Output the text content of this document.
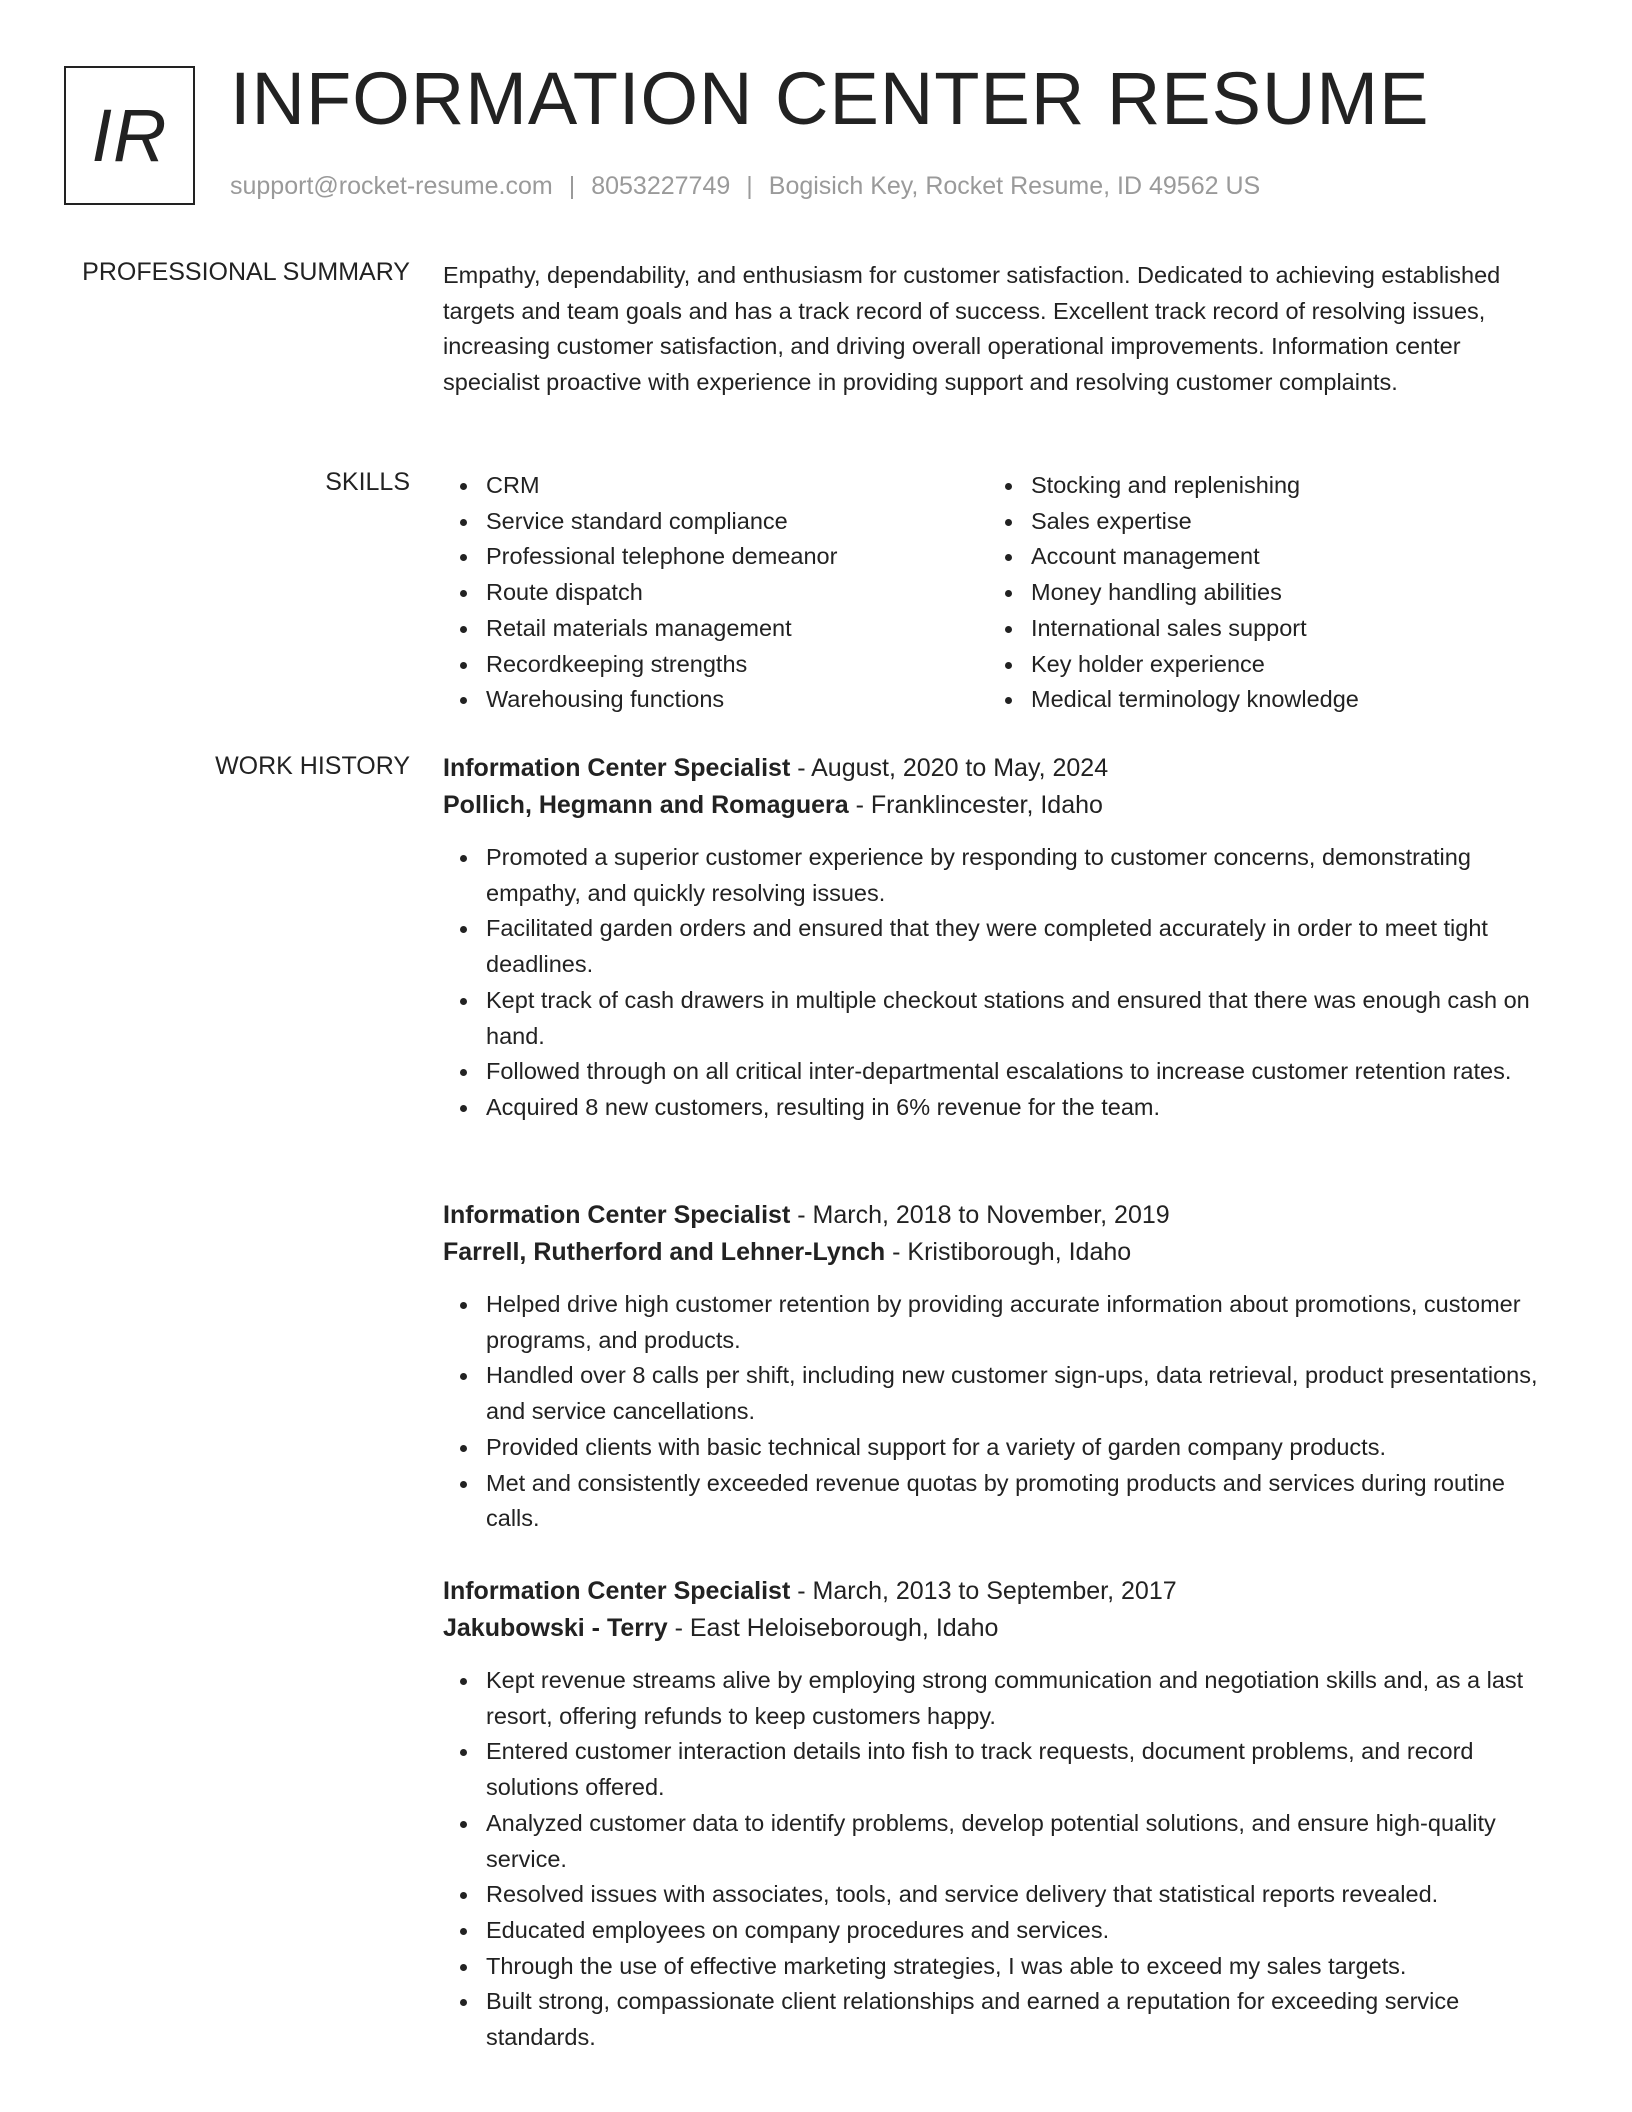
IR INFORMATION CENTER RESUME
support@rocket-resume.com | 8053227749 | Bogisich Key, Rocket Resume, ID 49562 US
PROFESSIONAL SUMMARY Empathy, dependability, and enthusiasm for customer satisfaction. Dedicated to achieving established targets and team goals and has a track record of success. Excellent track record of resolving issues, increasing customer satisfaction, and driving overall operational improvements. Information center specialist proactive with experience in providing support and resolving customer complaints.

SKILLS	CRM
Service standard compliance
Professional telephone demeanor
Route dispatch
Retail materials management
Recordkeeping strengths
Warehousing functions
Stocking and replenishing
Sales expertise
Account management
Money handling abilities
International sales support
Key holder experience
Medical terminology knowledge
WORK HISTORY Information Center Specialist - August, 2020 to May, 2024
Pollich, Hegmann and Romaguera - Franklincester, Idaho
Promoted a superior customer experience by responding to customer concerns, demonstrating empathy, and quickly resolving issues.
Facilitated garden orders and ensured that they were completed accurately in order to meet tight deadlines.
Kept track of cash drawers in multiple checkout stations and ensured that there was enough cash on hand.
Followed through on all critical inter-departmental escalations to increase customer retention rates.
Acquired 8 new customers, resulting in 6% revenue for the team.
Information Center Specialist - March, 2018 to November, 2019
Farrell, Rutherford and Lehner-Lynch - Kristiborough, Idaho
Helped drive high customer retention by providing accurate information about promotions, customer programs, and products.
Handled over 8 calls per shift, including new customer sign-ups, data retrieval, product presentations, and service cancellations.
Provided clients with basic technical support for a variety of garden company products.
Met and consistently exceeded revenue quotas by promoting products and services during routine calls.
Information Center Specialist - March, 2013 to September, 2017
Jakubowski - Terry - East Heloiseborough, Idaho
Kept revenue streams alive by employing strong communication and negotiation skills and, as a last resort, offering refunds to keep customers happy.
Entered customer interaction details into fish to track requests, document problems, and record solutions offered.
Analyzed customer data to identify problems, develop potential solutions, and ensure high-quality service.
Resolved issues with associates, tools, and service delivery that statistical reports revealed.
Educated employees on company procedures and services.
Through the use of effective marketing strategies, I was able to exceed my sales targets.
Built strong, compassionate client relationships and earned a reputation for exceeding service standards.
